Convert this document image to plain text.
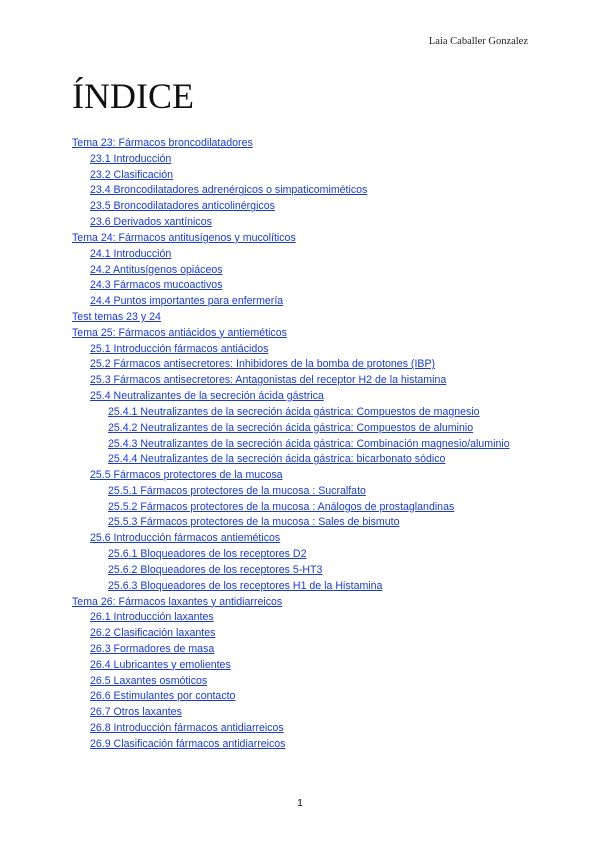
Laia Caballer Gonzalez
ÍNDICE
Tema 23: Fármacos broncodilatadores
23.1 Introducción
23.2 Clasificación
23.4 Broncodilatadores adrenérgicos o simpaticomiméticos
23.5 Broncodilatadores anticolinérgicos
23.6 Derivados xantínicos
Tema 24: Fármacos antitusígenos y mucolíticos
24.1 Introducción
24.2 Antitusígenos opiáceos
24.3 Fármacos mucoactivos
24.4 Puntos importantes para enfermería
Test temas 23 y 24
Tema 25: Fármacos antiácidos y antieméticos
25.1 Introducción fármacos antiácidos
25.2 Fármacos antisecretores: Inhibidores de la bomba de protones (IBP)
25.3 Fármacos antisecretores: Antagonistas del receptor H2 de la histamina
25.4 Neutralizantes de la secreción ácida gástrica
25.4.1 Neutralizantes de la secreción ácida gástrica: Compuestos de magnesio
25.4.2 Neutralizantes de la secreción ácida gástrica: Compuestos de aluminio
25.4.3 Neutralizantes de la secreción ácida gástrica: Combinación magnesio/aluminio
25.4.4 Neutralizantes de la secreción ácida gástrica: bicarbonato sódico
25.5 Fármacos protectores de la mucosa
25.5.1 Fármacos protectores de la mucosa : Sucralfato
25.5.2 Fármacos protectores de la mucosa : Análogos de prostaglandinas
25.5.3 Fármacos protectores de la mucosa : Sales de bismuto
25.6 Introducción fármacos antieméticos
25.6.1 Bloqueadores de los receptores D2
25.6.2 Bloqueadores de los receptores 5-HT3
25.6.3 Bloqueadores de los receptores H1 de la Histamina
Tema 26: Fármacos laxantes y antidiarreicos
26.1 Introducción laxantes
26.2 Clasificación laxantes
26.3 Formadores de masa
26.4 Lubricantes y emolientes
26.5 Laxantes osmóticos
26.6 Estimulantes por contacto
26.7 Otros laxantes
26.8 Introducción fármacos antidiarreicos
26.9 Clasificación fármacos antidiarreicos
1
